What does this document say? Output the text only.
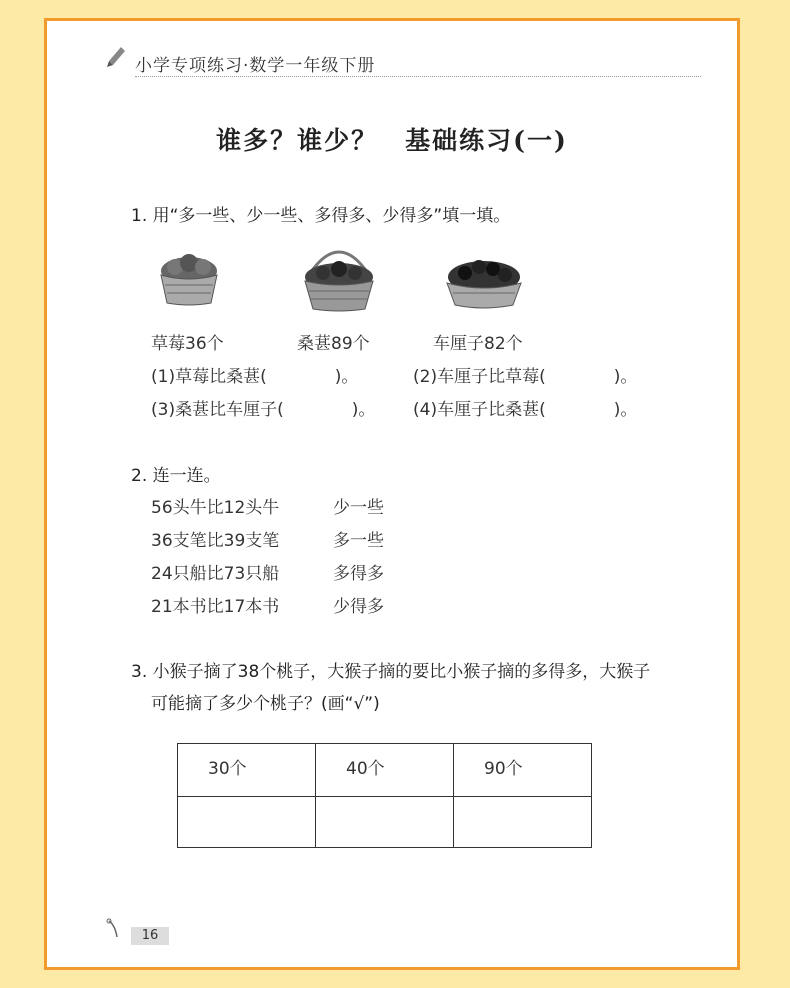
小学专项练习·数学一年级下册
谁多？谁少？　基础练习(一)
1. 用“多一些、少一些、多得多、少得多”填一填。
草莓36个	桑葚89个	车厘子82个
(1)草莓比桑葚(　　　　)。	(2)车厘子比草莓(　　　　)。
(3)桑葚比车厘子(　　　　)。 (4)车厘子比桑葚(　　　　)。
2. 连一连。
56头牛比12头牛
36支笔比39支笔
24只船比73只船
21本书比17本书
少一些
多一些
多得多
少得多
3. 小猴子摘了38个桃子，大猴子摘的要比小猴子摘的多得多，大猴子
可能摘了多少个桃子？(画“√”)
30个	40个	90个

16
